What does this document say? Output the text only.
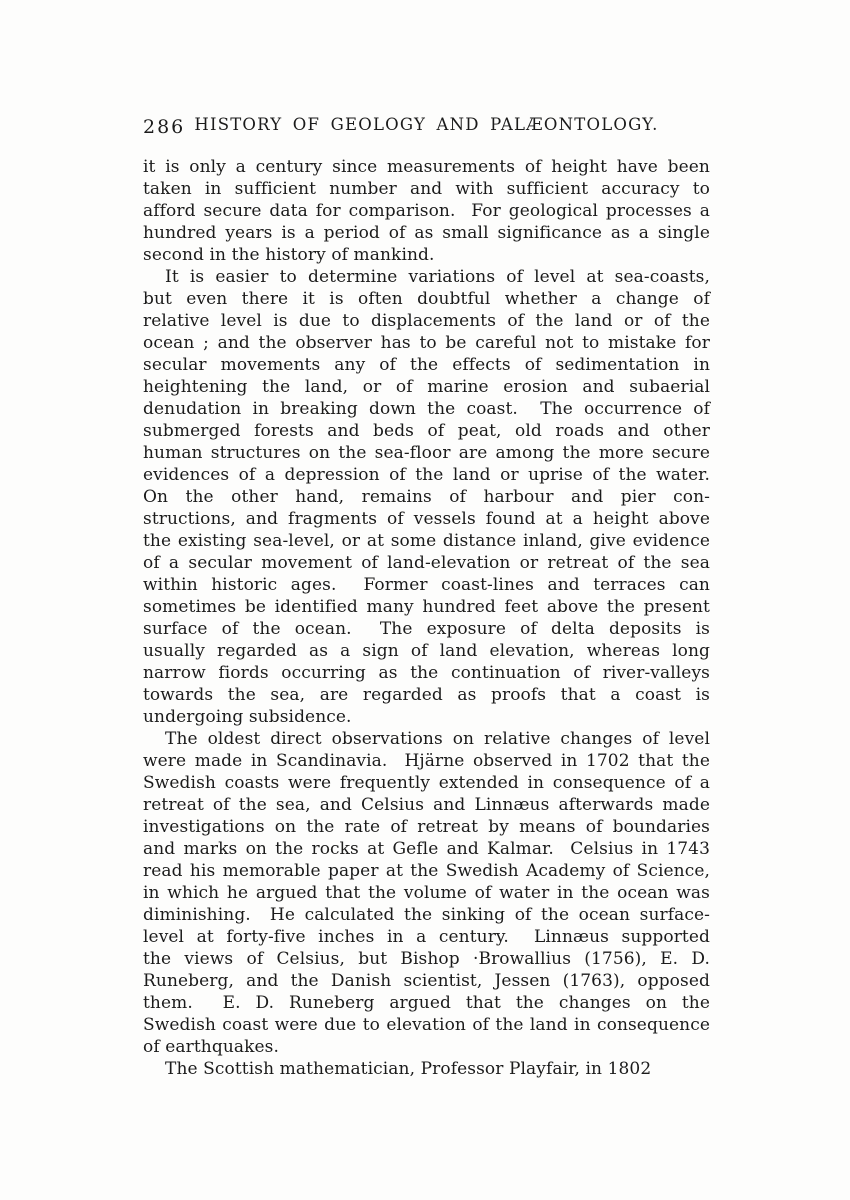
286 HISTORY OF GEOLOGY AND PALÆONTOLOGY.
it is only a century since measurements of height have been
taken in sufficient number and with sufficient accuracy to
afford secure data for comparison.  For geological processes a
hundred years is a period of as small significance as a single
second in the history of mankind.
It is easier to determine variations of level at sea-coasts,
but even there it is often doubtful whether a change of
relative level is due to displacements of the land or of the
ocean ; and the observer has to be careful not to mistake for
secular movements any of the effects of sedimentation in
heightening the land, or of marine erosion and subaerial
denudation in breaking down the coast.  The occurrence of
submerged forests and beds of peat, old roads and other
human structures on the sea-floor are among the more secure
evidences of a depression of the land or uprise of the water.
On the other hand, remains of harbour and pier con-
structions, and fragments of vessels found at a height above
the existing sea-level, or at some distance inland, give evidence
of a secular movement of land-elevation or retreat of the sea
within historic ages.  Former coast-lines and terraces can
sometimes be identified many hundred feet above the present
surface of the ocean.  The exposure of delta deposits is
usually regarded as a sign of land elevation, whereas long
narrow fiords occurring as the continuation of river-valleys
towards the sea, are regarded as proofs that a coast is
undergoing subsidence.
The oldest direct observations on relative changes of level
were made in Scandinavia.  Hjärne observed in 1702 that the
Swedish coasts were frequently extended in consequence of a
retreat of the sea, and Celsius and Linnæus afterwards made
investigations on the rate of retreat by means of boundaries
and marks on the rocks at Gefle and Kalmar.  Celsius in 1743
read his memorable paper at the Swedish Academy of Science,
in which he argued that the volume of water in the ocean was
diminishing.  He calculated the sinking of the ocean surface-
level at forty-five inches in a century.  Linnæus supported
the views of Celsius, but Bishop ·Browallius (1756), E. D.
Runeberg, and the Danish scientist, Jessen (1763), opposed
them.  E. D. Runeberg argued that the changes on the
Swedish coast were due to elevation of the land in consequence
of earthquakes.
The Scottish mathematician, Professor Playfair, in 1802
